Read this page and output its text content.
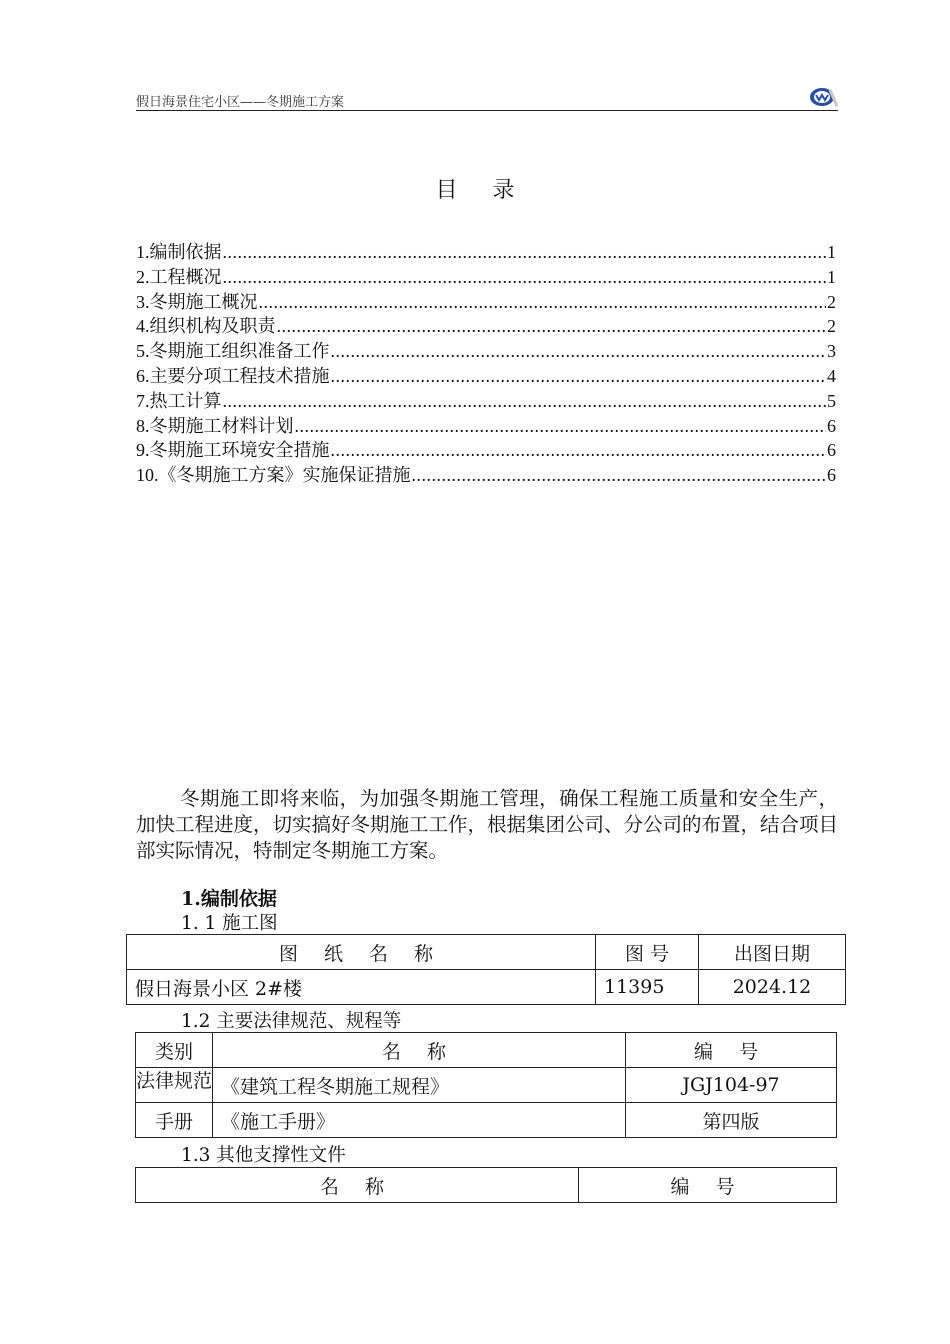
假日海景住宅小区——冬期施工方案
目 录
1.编制依据 .....	1
2.工程概况 .....	1
3.冬期施工概况 .....	2
4.组织机构及职责 .....	2
5.冬期施工组织准备工作 .....	3
6.主要分项工程技术措施 .....	4
7.热工计算 .....	5
8.冬期施工材料计划 .....	6
9.冬期施工环境安全措施 .....	6
10.《冬期施工方案》实施保证措施 .....	6
冬期施工即将来临，为加强冬期施工管理，确保工程施工质量和安全生产，加快工程进度，切实搞好冬期施工工作，根据集团公司、分公司的布置，结合项目部实际情况，特制定冬期施工方案。
1.编制依据
1. 1 施工图
图 纸 名 称	图 号	出图日期
假日海景小区 2#楼	11395	2024.12
1.2 主要法律规范、规程等
类别	名 称	编 号

法律规范	《建筑工程冬期施工规程》	JGJ104-97
手册	《施工手册》	第四版
1.3 其他支撑性文件
名 称	编 号
